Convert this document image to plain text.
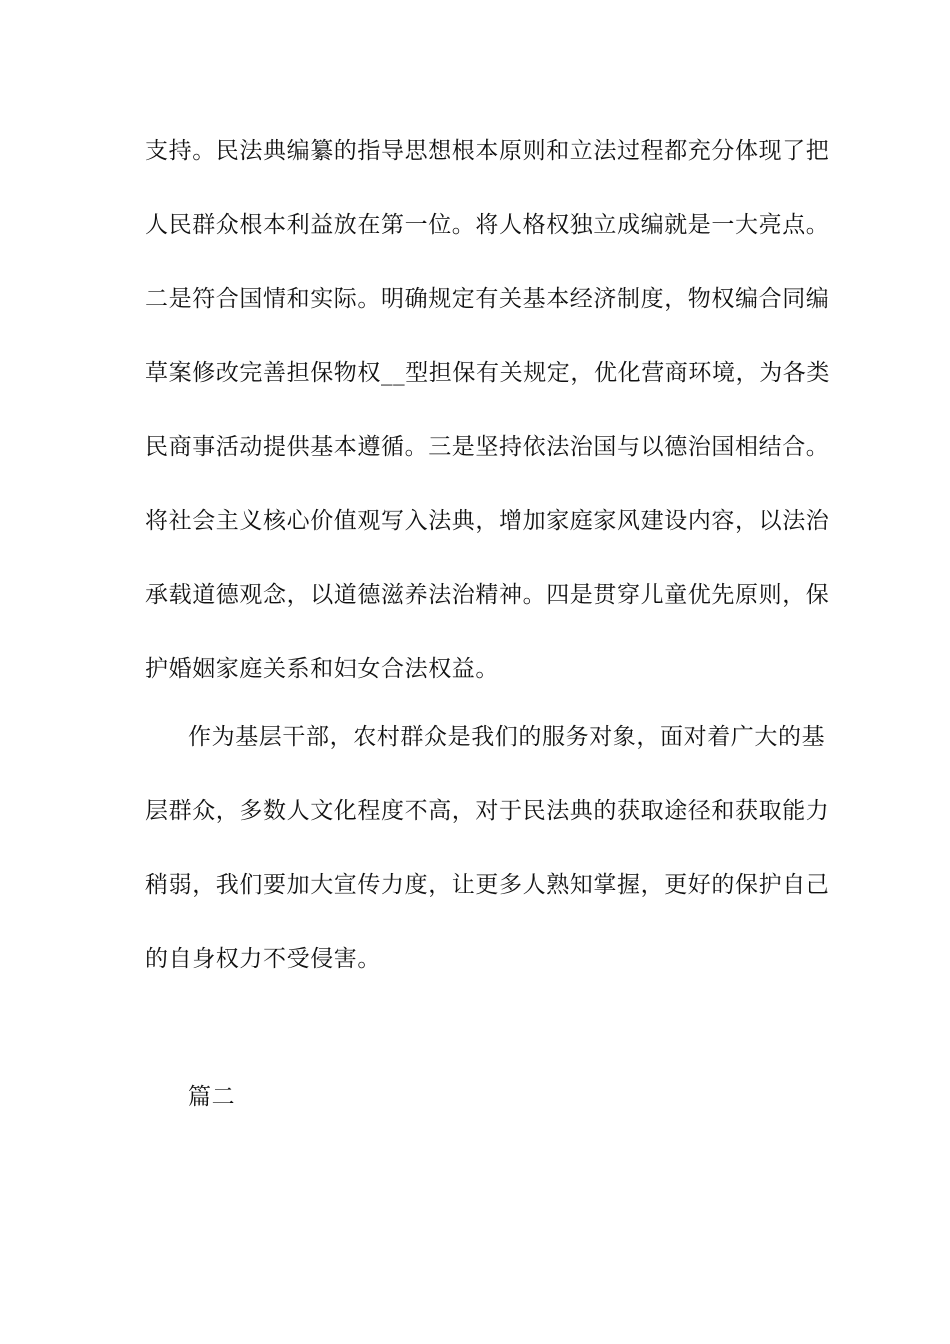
支持。民法典编纂的指导思想根本原则和立法过程都充分体现了把
人民群众根本利益放在第一位。将人格权独立成编就是一大亮点。
二是符合国情和实际。明确规定有关基本经济制度，物权编合同编
草案修改完善担保物权__型担保有关规定，优化营商环境，为各类
民商事活动提供基本遵循。三是坚持依法治国与以德治国相结合。
将社会主义核心价值观写入法典，增加家庭家风建设内容，以法治
承载道德观念，以道德滋养法治精神。四是贯穿儿童优先原则，保
护婚姻家庭关系和妇女合法权益。
作为基层干部，农村群众是我们的服务对象，面对着广大的基
层群众，多数人文化程度不高，对于民法典的获取途径和获取能力
稍弱，我们要加大宣传力度，让更多人熟知掌握，更好的保护自己
的自身权力不受侵害。
篇二
